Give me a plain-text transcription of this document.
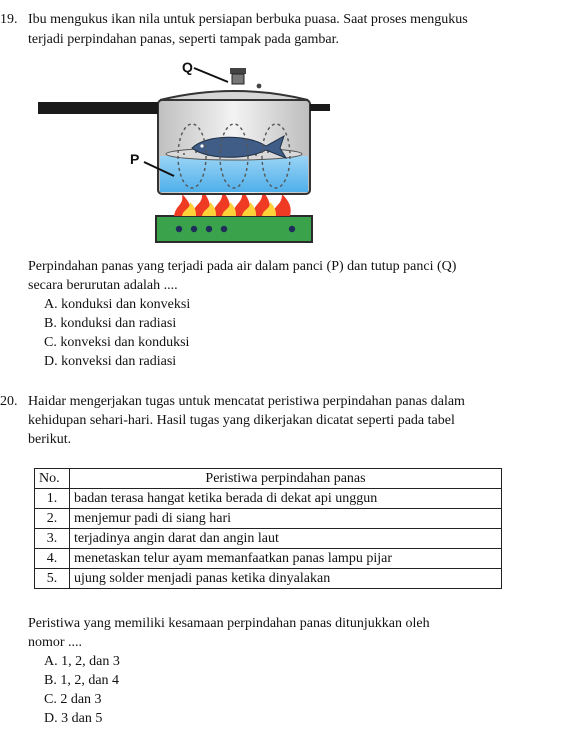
19. Ibu mengukus ikan nila untuk persiapan berbuka puasa. Saat proses mengukus
terjadi perpindahan panas, seperti tampak pada gambar.
Q
P
Perpindahan panas yang terjadi pada air dalam panci (P) dan tutup panci (Q)
secara berurutan adalah ....
A. konduksi dan konveksi
B. konduksi dan radiasi
C. konveksi dan konduksi
D. konveksi dan radiasi
20. Haidar mengerjakan tugas untuk mencatat peristiwa perpindahan panas dalam
kehidupan sehari-hari. Hasil tugas yang dikerjakan dicatat seperti pada tabel
berikut.
No.	Peristiwa perpindahan panas
1.	badan terasa hangat ketika berada di dekat api unggun
2.	menjemur padi di siang hari
3.	terjadinya angin darat dan angin laut
4.	menetaskan telur ayam memanfaatkan panas lampu pijar
5.	ujung solder menjadi panas ketika dinyalakan
Peristiwa yang memiliki kesamaan perpindahan panas ditunjukkan oleh
nomor ....
A. 1, 2, dan 3
B. 1, 2, dan 4
C. 2 dan 3
D. 3 dan 5
